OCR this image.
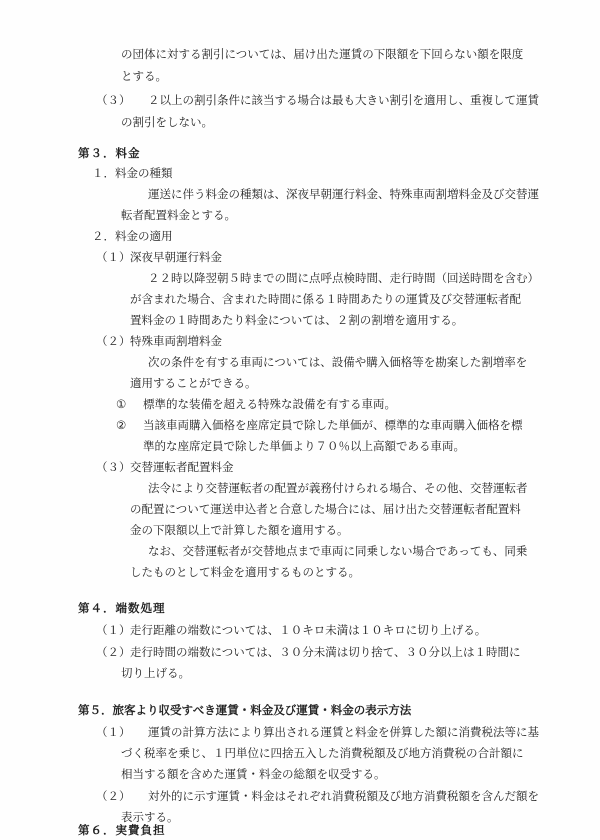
の団体に対する割引については、届け出た運賃の下限額を下回らない額を限度
とする。
（３） ２以上の割引条件に該当する場合は最も大きい割引を適用し、重複して運賃
の割引をしない。
第３．料金
１．料金の種類
運送に伴う料金の種類は、深夜早朝運行料金、特殊車両割増料金及び交替運
転者配置料金とする。
２．料金の適用
（１） 深夜早朝運行料金
２２時以降翌朝５時までの間に点呼点検時間、走行時間（回送時間を含む）
が含まれた場合、含まれた時間に係る１時間あたりの運賃及び交替運転者配
置料金の１時間あたり料金については、２割の割増を適用する。
（２） 特殊車両割増料金
次の条件を有する車両については、設備や購入価格等を勘案した割増率を
適用することができる。
① 標準的な装備を超える特殊な設備を有する車両。
② 当該車両購入価格を座席定員で除した単価が、標準的な車両購入価格を標
準的な座席定員で除した単価より７０％以上高額である車両。
（３） 交替運転者配置料金
法令により交替運転者の配置が義務付けられる場合、その他、交替運転者
の配置について運送申込者と合意した場合には、届け出た交替運転者配置料
金の下限額以上で計算した額を適用する。
なお、交替運転者が交替地点まで車両に同乗しない場合であっても、同乗
したものとして料金を適用するものとする。
第４．端数処理
（１） 走行距離の端数については、１０キロ未満は１０キロに切り上げる。
（２） 走行時間の端数については、３０分未満は切り捨て、３０分以上は１時間に
切り上げる。
第５．旅客より収受すべき運賃・料金及び運賃・料金の表示方法
（１） 運賃の計算方法により算出される運賃と料金を併算した額に消費税法等に基
づく税率を乗じ、１円単位に四捨五入した消費税額及び地方消費税の合計額に
相当する額を含めた運賃・料金の総額を収受する。
（２） 対外的に示す運賃・料金はそれぞれ消費税額及び地方消費税額を含んだ額を
表示する。
第６．実費負担
